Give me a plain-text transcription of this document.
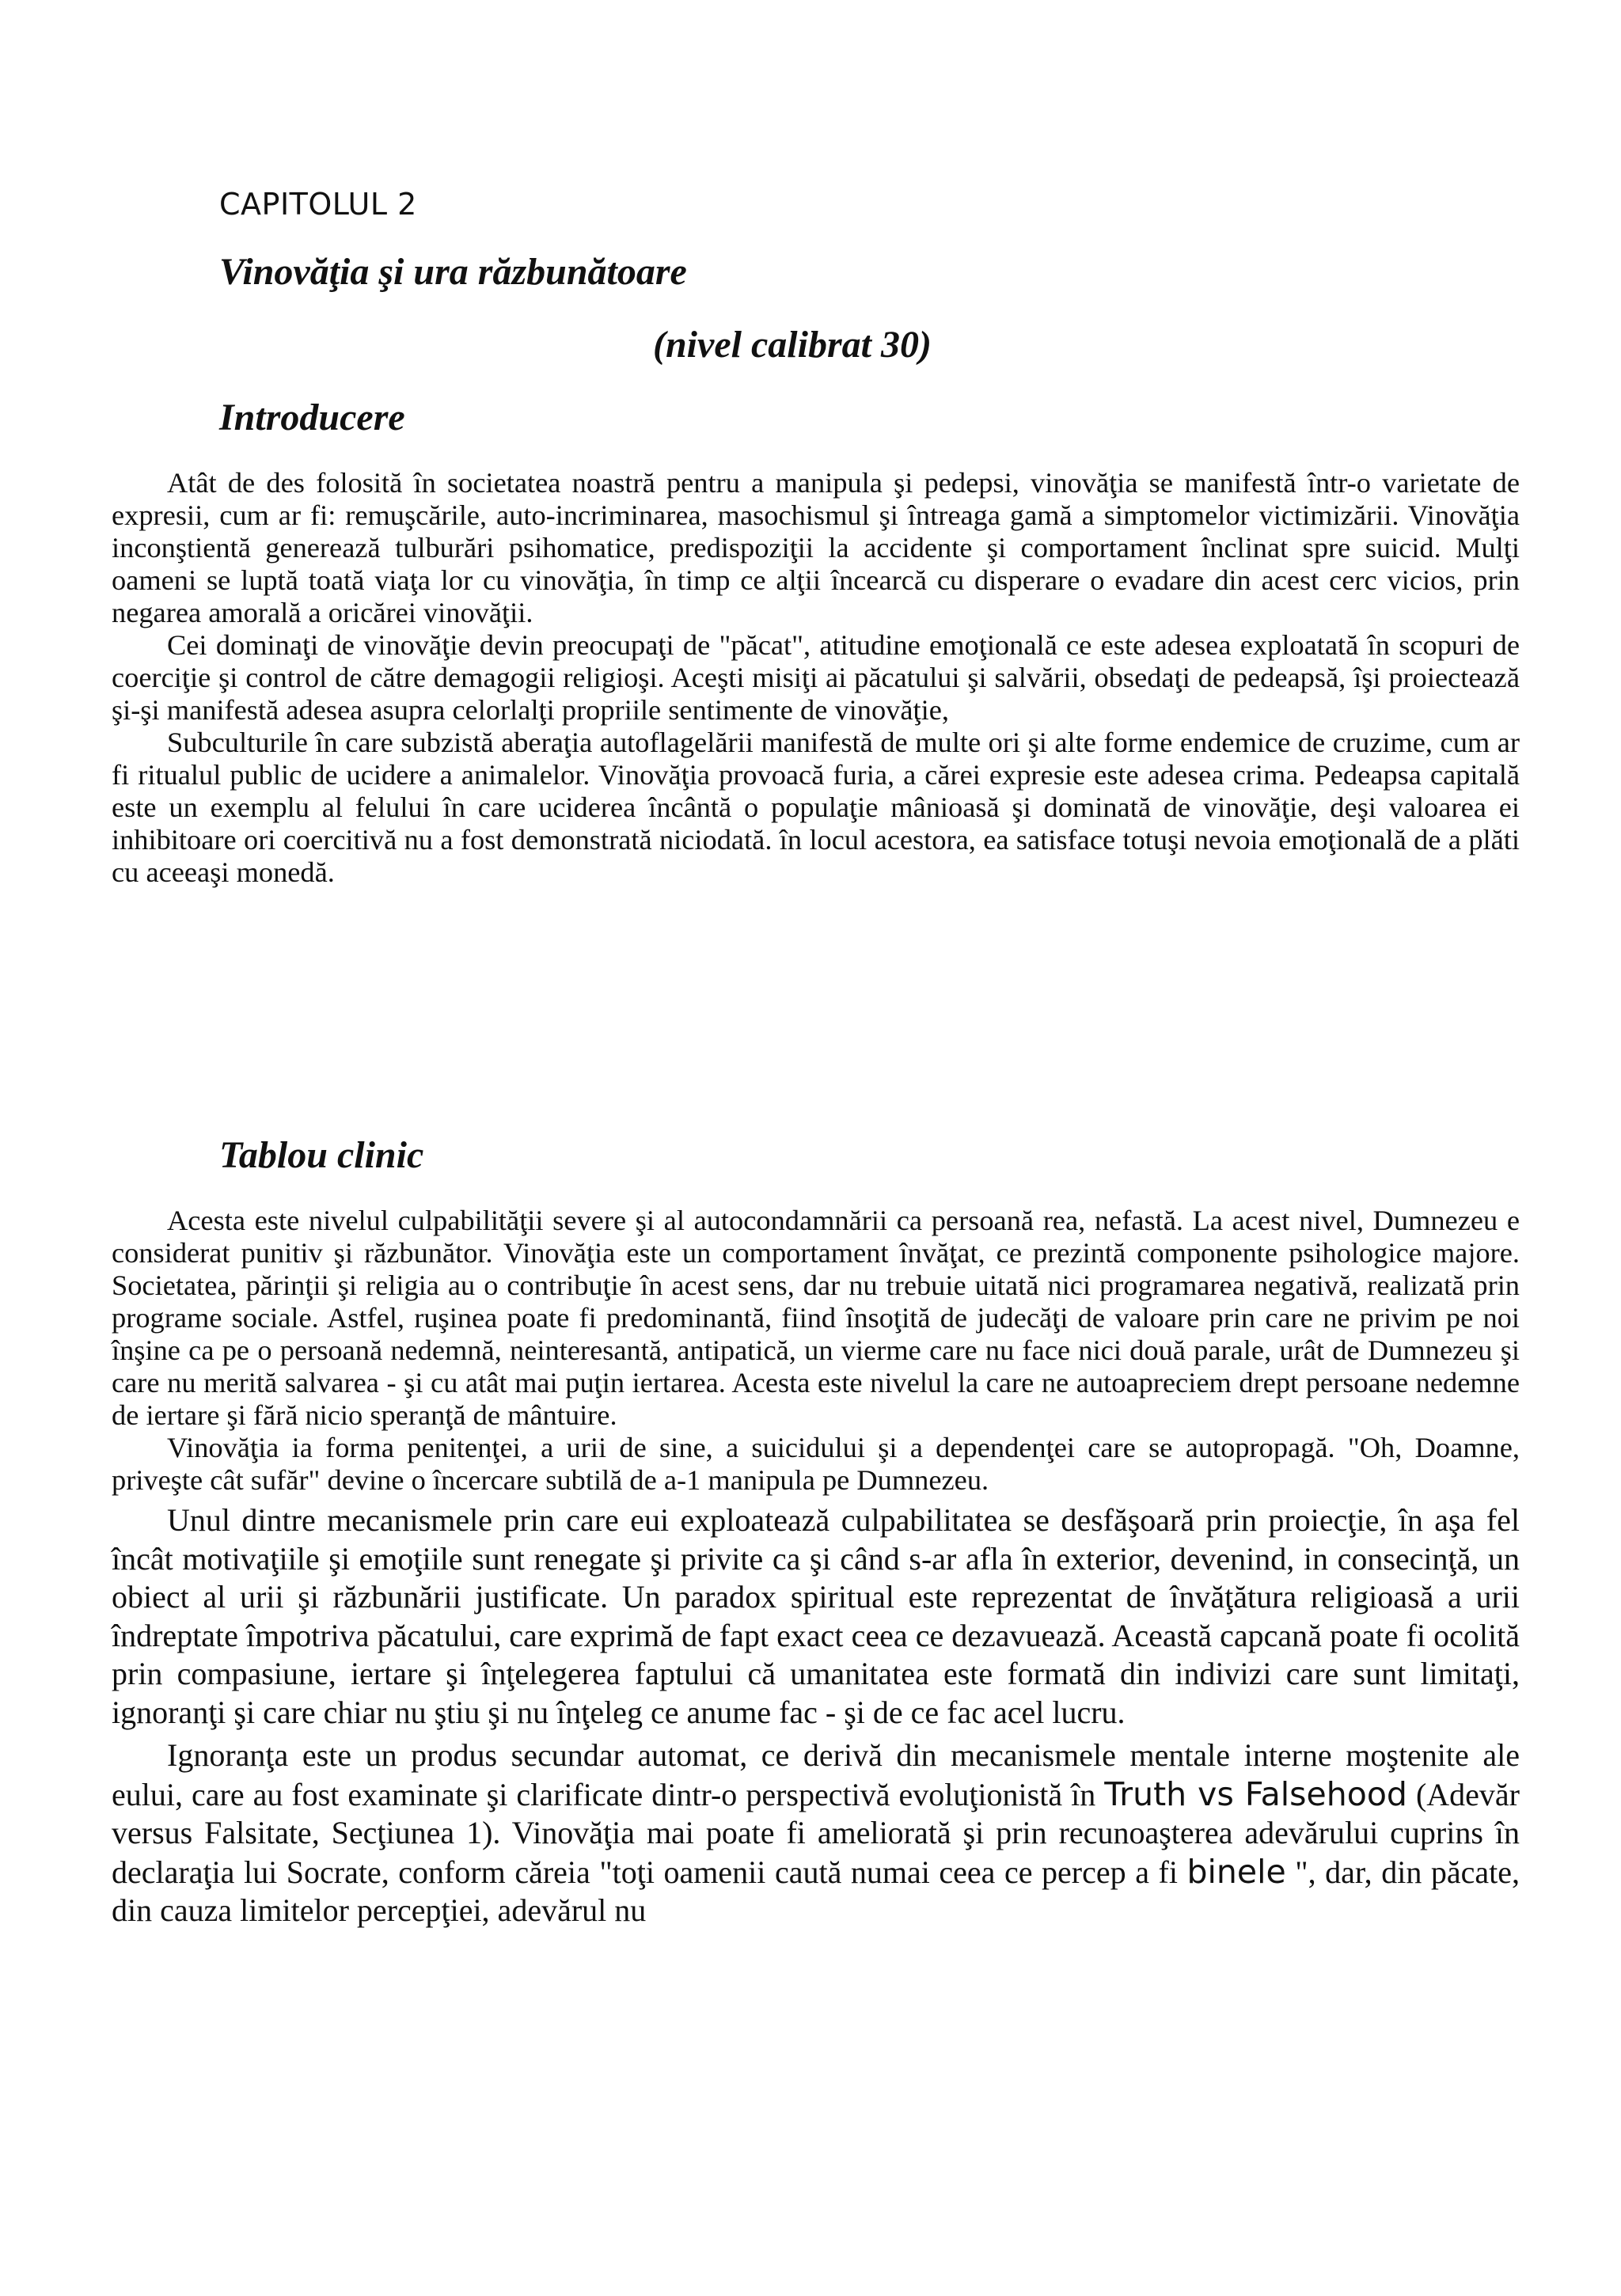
CAPITOLUL 2
Vinovăţia şi ura răzbunătoare
(nivel calibrat 30)
Introducere

Atât de des folosită în societatea noastră pentru a manipula şi pedepsi, vinovăţia se manifestă într-o varietate de expresii, cum ar fi: remuşcările, auto-incriminarea, masochismul şi întreaga gamă a simptomelor victimizării. Vinovăţia inconştientă generează tulburări psihomatice, predispoziţii la accidente şi comportament înclinat spre suicid. Mulţi oameni se luptă toată viaţa lor cu vinovăţia, în timp ce alţii încearcă cu disperare o evadare din acest cerc vicios, prin negarea amorală a oricărei vinovăţii.

Cei dominaţi de vinovăţie devin preocupaţi de "păcat", atitudine emoţională ce este adesea exploatată în scopuri de coerciţie şi control de către demagogii religioşi. Aceşti misiţi ai păcatului şi salvării, obsedaţi de pedeapsă, îşi proiectează şi-şi manifestă adesea asupra celorlalţi propriile sentimente de vinovăţie,

Subculturile în care subzistă aberaţia autoflagelării manifestă de multe ori şi alte forme endemice de cruzime, cum ar fi ritualul public de ucidere a animalelor. Vinovăţia provoacă furia, a cărei expresie este adesea crima. Pedeapsa capitală este un exemplu al felului în care uciderea încântă o populaţie mânioasă şi dominată de vinovăţie, deşi valoarea ei inhibitoare ori coercitivă nu a fost demonstrată niciodată. în locul acestora, ea satisface totuşi nevoia emoţională de a plăti cu aceeaşi monedă.

Tablou clinic

Acesta este nivelul culpabilităţii severe şi al autocondamnării ca persoană rea, nefastă. La acest nivel, Dumnezeu e considerat punitiv şi răzbunător. Vinovăţia este un comportament învăţat, ce prezintă componente psihologice majore. Societatea, părinţii şi religia au o contribuţie în acest sens, dar nu trebuie uitată nici programarea negativă, realizată prin programe sociale. Astfel, ruşinea poate fi predominantă, fiind însoţită de judecăţi de valoare prin care ne privim pe noi înşine ca pe o persoană nedemnă, neinteresantă, antipatică, un vierme care nu face nici două parale, urât de Dumnezeu şi care nu merită salvarea - şi cu atât mai puţin iertarea. Acesta este nivelul la care ne autoapreciem drept persoane nedemne de iertare şi fără nicio speranţă de mântuire.

Vinovăţia ia forma penitenţei, a urii de sine, a suicidului şi a dependenţei care se autopropagă. "Oh, Doamne, priveşte cât sufăr" devine o încercare subtilă de a-1 manipula pe Dumnezeu.

Unul dintre mecanismele prin care eui exploatează culpabilitatea se desfăşoară prin proiecţie, în aşa fel încât motivaţiile şi emoţiile sunt renegate şi privite ca şi când s-ar afla în exterior, devenind, in consecinţă, un obiect al urii şi răzbunării justificate. Un paradox spiritual este reprezentat de învăţătura religioasă a urii îndreptate împotriva păcatului, care exprimă de fapt exact ceea ce dezavuează. Această capcană poate fi ocolită prin compasiune, iertare şi înţelegerea faptului că umanitatea este formată din indivizi care sunt limitaţi, ignoranţi şi care chiar nu ştiu şi nu înţeleg ce anume fac - şi de ce fac acel lucru.

Ignoranţa este un produs secundar automat, ce derivă din mecanismele mentale interne moştenite ale eului, care au fost examinate şi clarificate dintr-o perspectivă evoluţionistă în Truth vs Falsehood (Adevăr versus Falsitate, Secţiunea 1). Vinovăţia mai poate fi ameliorată şi prin recunoaşterea adevărului cuprins în declaraţia lui Socrate, conform căreia "toţi oamenii caută numai ceea ce percep a fi binele ", dar, din păcate, din cauza limitelor percepţiei, adevărul nu
